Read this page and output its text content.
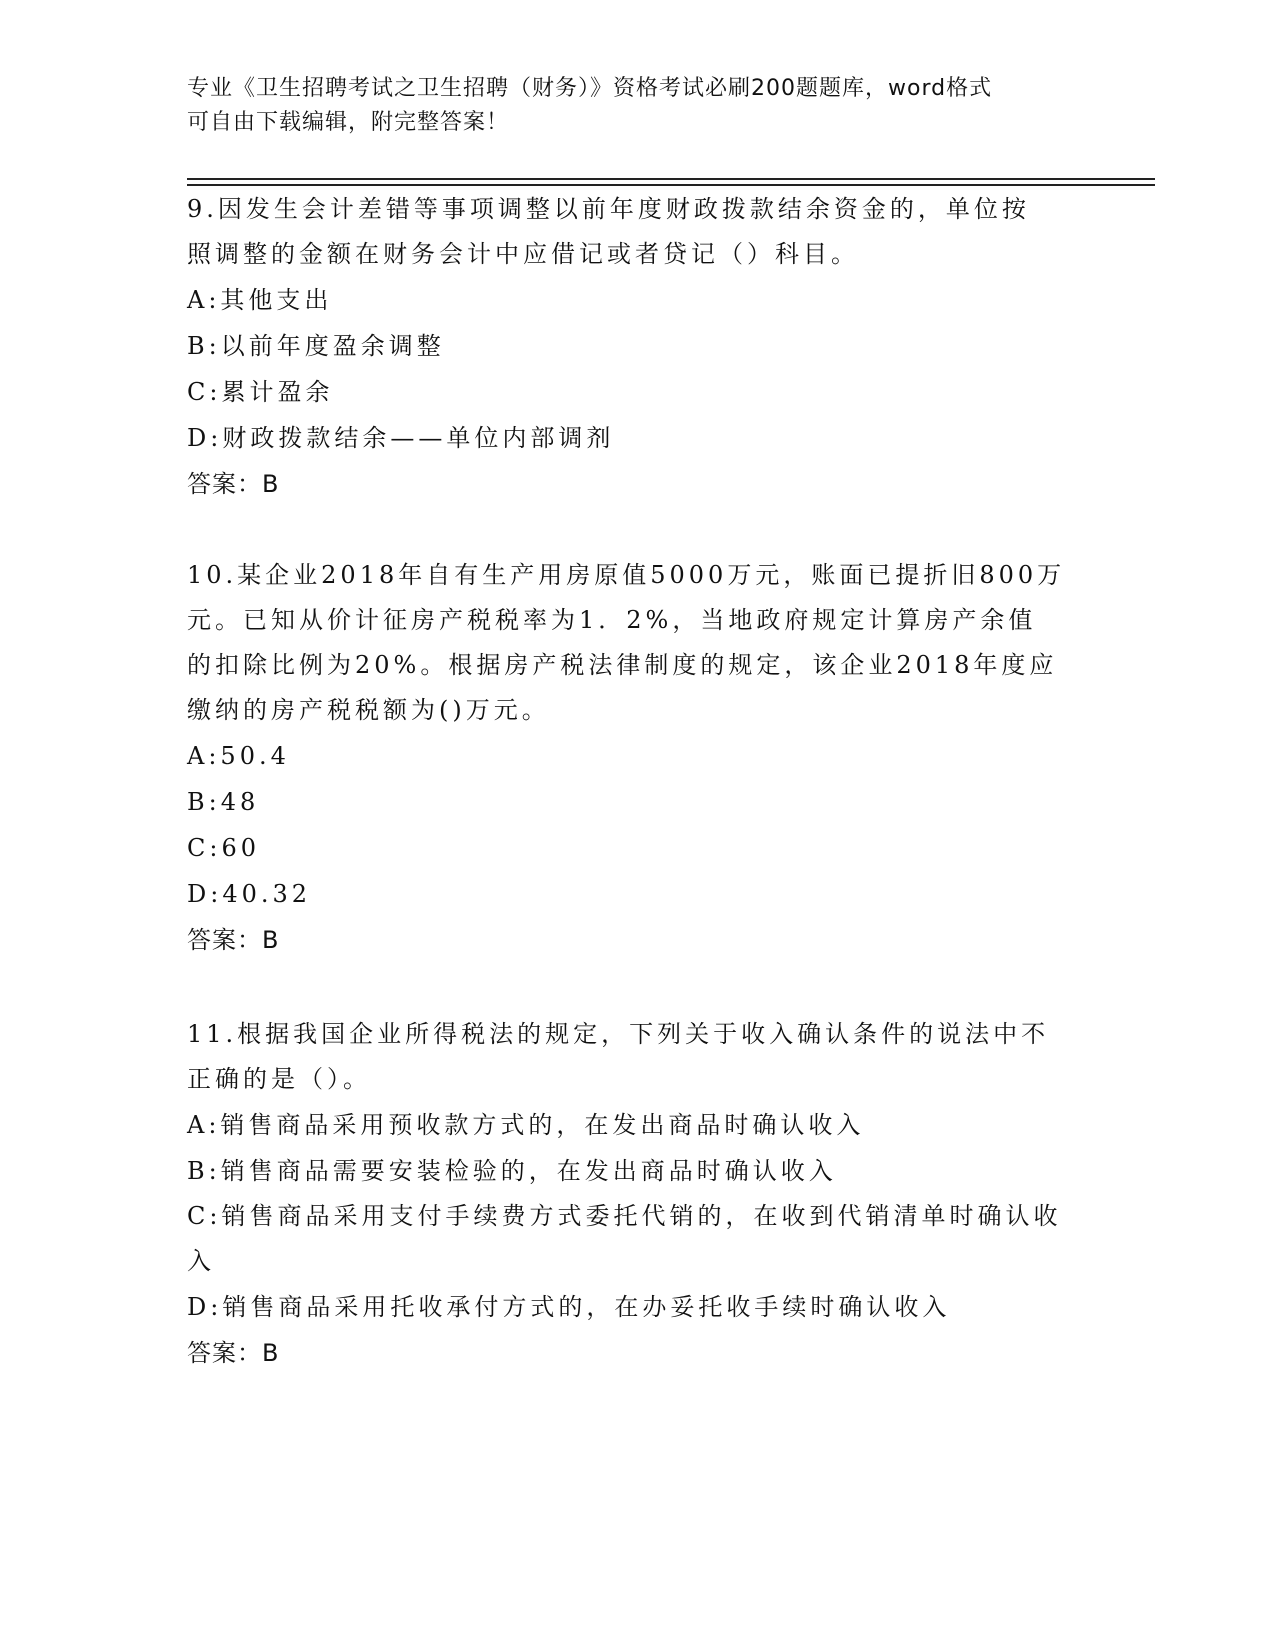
专业《卫生招聘考试之卫生招聘（财务）》资格考试必刷200题题库，word格式
可自由下载编辑，附完整答案！
9.因发生会计差错等事项调整以前年度财政拨款结余资金的，单位按
照调整的金额在财务会计中应借记或者贷记（）科目。
A:其他支出
B:以前年度盈余调整
C:累计盈余
D:财政拨款结余——单位内部调剂
答案：B
10.某企业2018年自有生产用房原值5000万元，账面已提折旧800万
元。已知从价计征房产税税率为1．2%，当地政府规定计算房产余值
的扣除比例为20%。根据房产税法律制度的规定，该企业2018年度应
缴纳的房产税税额为()万元。
A:50.4
B:48
C:60
D:40.32
答案：B
11.根据我国企业所得税法的规定，下列关于收入确认条件的说法中不
正确的是（）。
A:销售商品采用预收款方式的，在发出商品时确认收入
B:销售商品需要安装检验的，在发出商品时确认收入
C:销售商品采用支付手续费方式委托代销的，在收到代销清单时确认收入
D:销售商品采用托收承付方式的，在办妥托收手续时确认收入
答案：B
